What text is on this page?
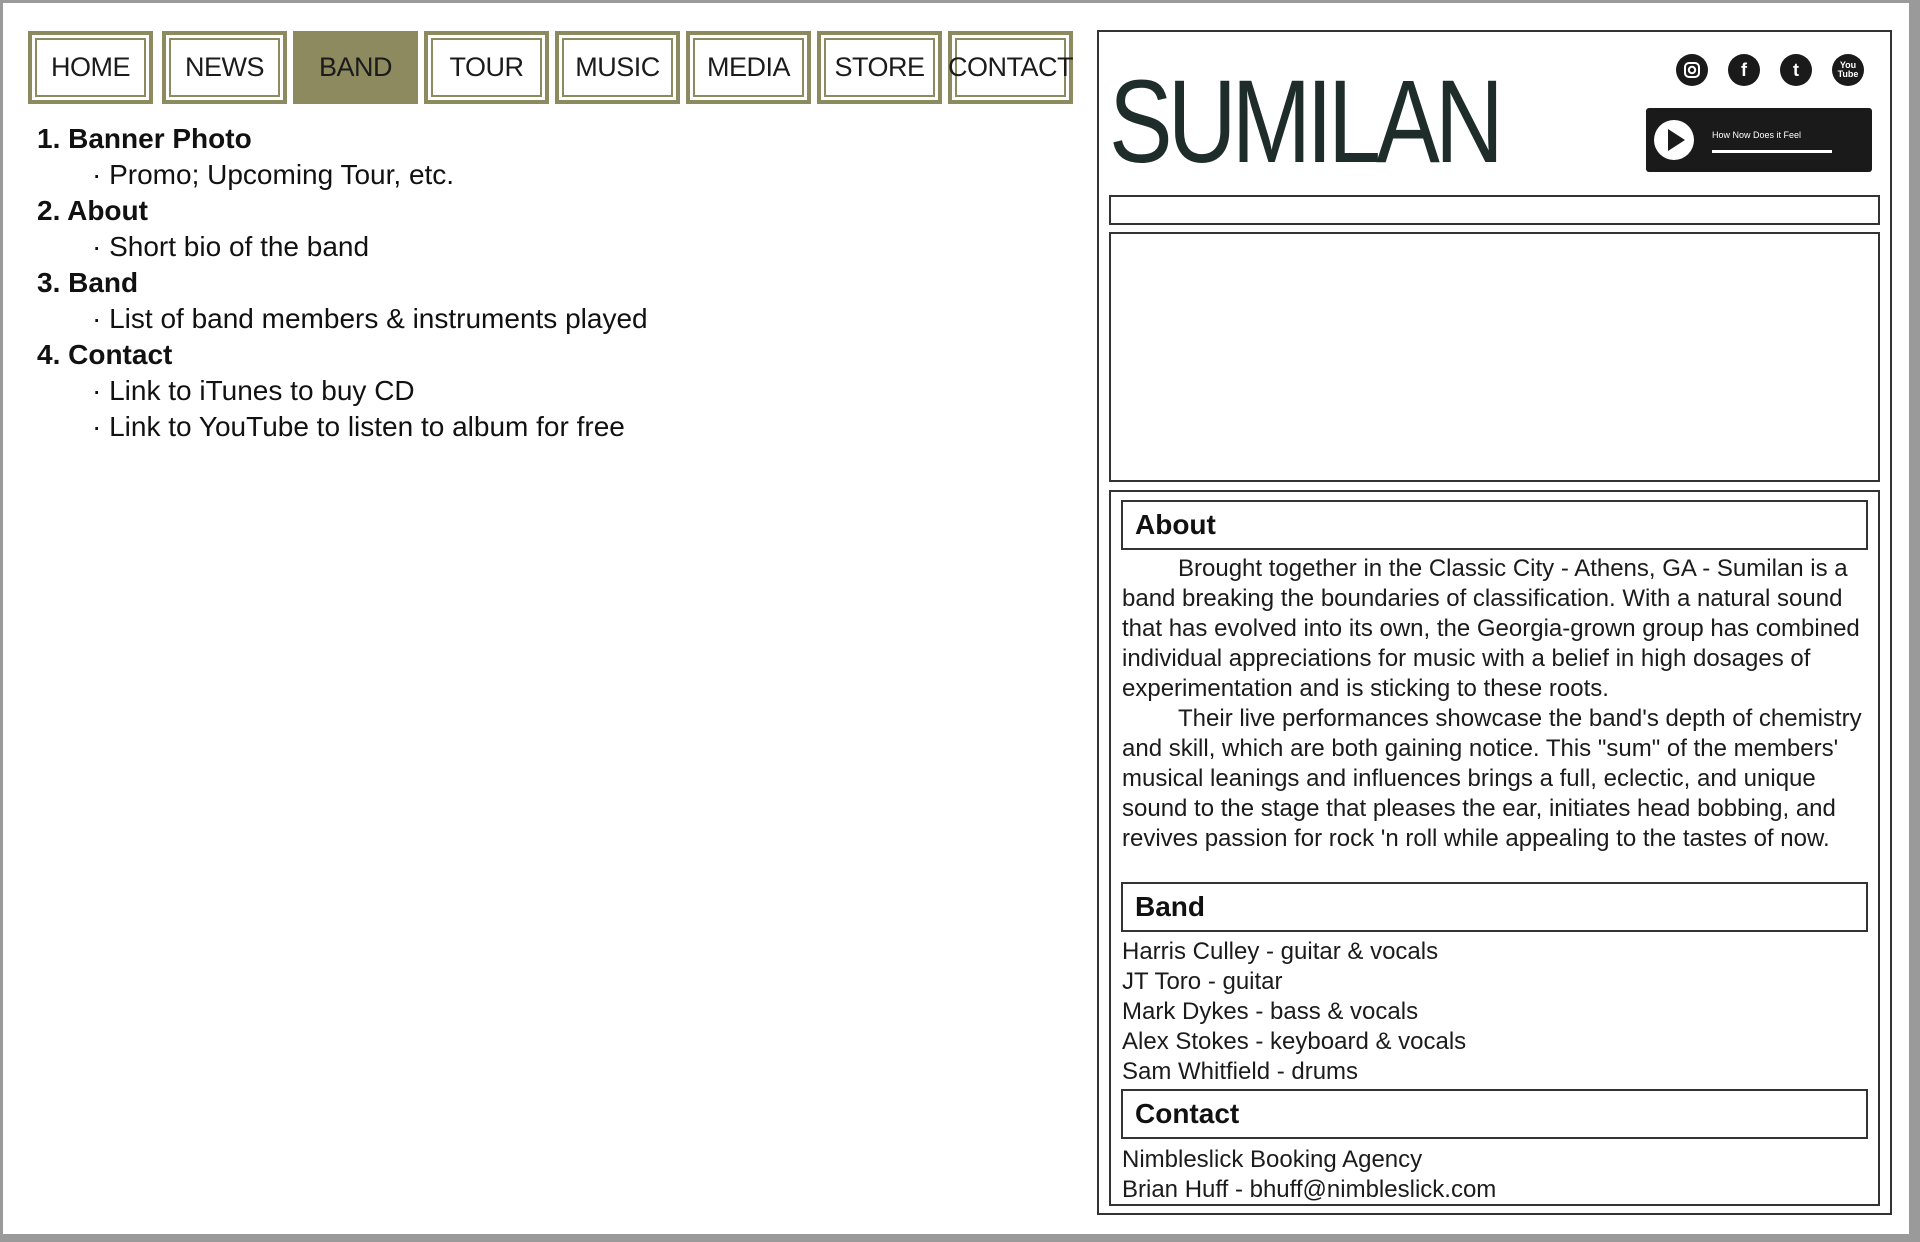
HOME	NEWS	BAND	TOUR	MUSIC	MEDIA	STORE CONTACT
1. Banner Photo
· Promo; Upcoming Tour, etc.
2. About
· Short bio of the band
3. Band
· List of band members & instruments played
4. Contact
· Link to iTunes to buy CD
· Link to YouTube to listen to album for free
SUMILAN	f	t	You Tube
How Now Does it Feel
About

Brought together in the Classic City - Athens, GA - Sumilan is a band breaking the boundaries of classification. With a natural sound that has evolved into its own, the Georgia-grown group has combined individual appreciations for music with a belief in high dosages of experimentation and is sticking to these roots.

Their live performances showcase the band's depth of chemistry and skill, which are both gaining notice. This "sum" of the members' musical leanings and influences brings a full, eclectic, and unique sound to the stage that pleases the ear, initiates head bobbing, and revives passion for rock 'n roll while appealing to the tastes of now.

Band
Harris Culley - guitar & vocals
JT Toro - guitar
Mark Dykes - bass & vocals
Alex Stokes - keyboard & vocals
Sam Whitfield - drums
Contact
Nimbleslick Booking Agency
Brian Huff - bhuff@nimbleslick.com
